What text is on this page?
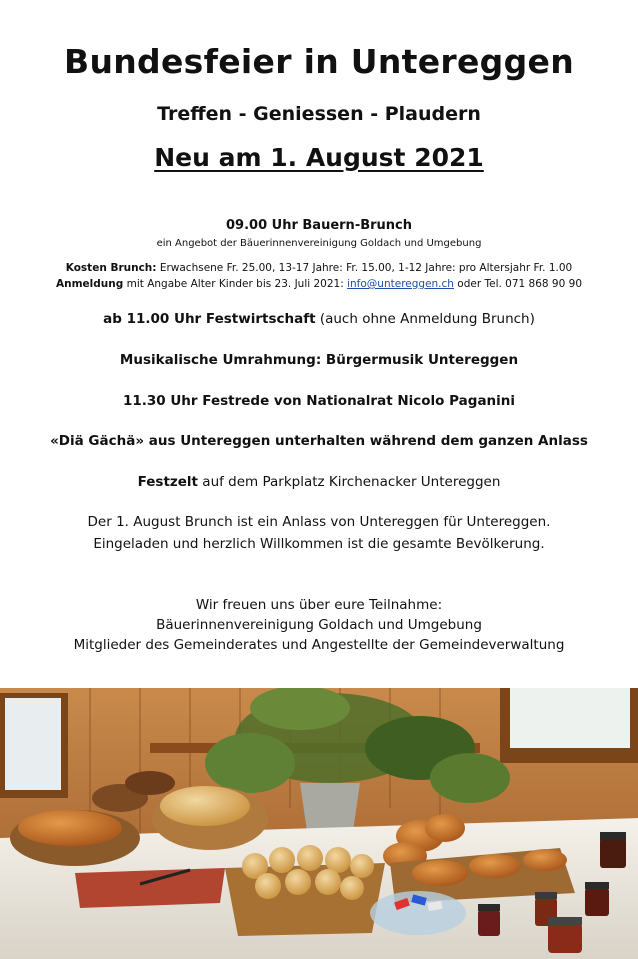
Bundesfeier in Untereggen
Treffen - Geniessen - Plaudern
Neu am 1. August 2021
09.00 Uhr Bauern-Brunch
ein Angebot der Bäuerinnenvereinigung Goldach und Umgebung
Kosten Brunch: Erwachsene Fr. 25.00, 13-17 Jahre: Fr. 15.00, 1-12 Jahre: pro Altersjahr Fr. 1.00
Anmeldung mit Angabe Alter Kinder bis 23. Juli 2021: info@untereggen.ch oder Tel. 071 868 90 90
ab 11.00 Uhr Festwirtschaft (auch ohne Anmeldung Brunch)
Musikalische Umrahmung: Bürgermusik Untereggen
11.30 Uhr Festrede von Nationalrat Nicolo Paganini
«Diä Gächä» aus Untereggen unterhalten während dem ganzen Anlass
Festzelt auf dem Parkplatz Kirchenacker Untereggen
Der 1. August Brunch ist ein Anlass von Untereggen für Untereggen.
Eingeladen und herzlich Willkommen ist die gesamte Bevölkerung.
Wir freuen uns über eure Teilnahme:
Bäuerinnenvereinigung Goldach und Umgebung
Mitglieder des Gemeinderates und Angestellte der Gemeindeverwaltung
